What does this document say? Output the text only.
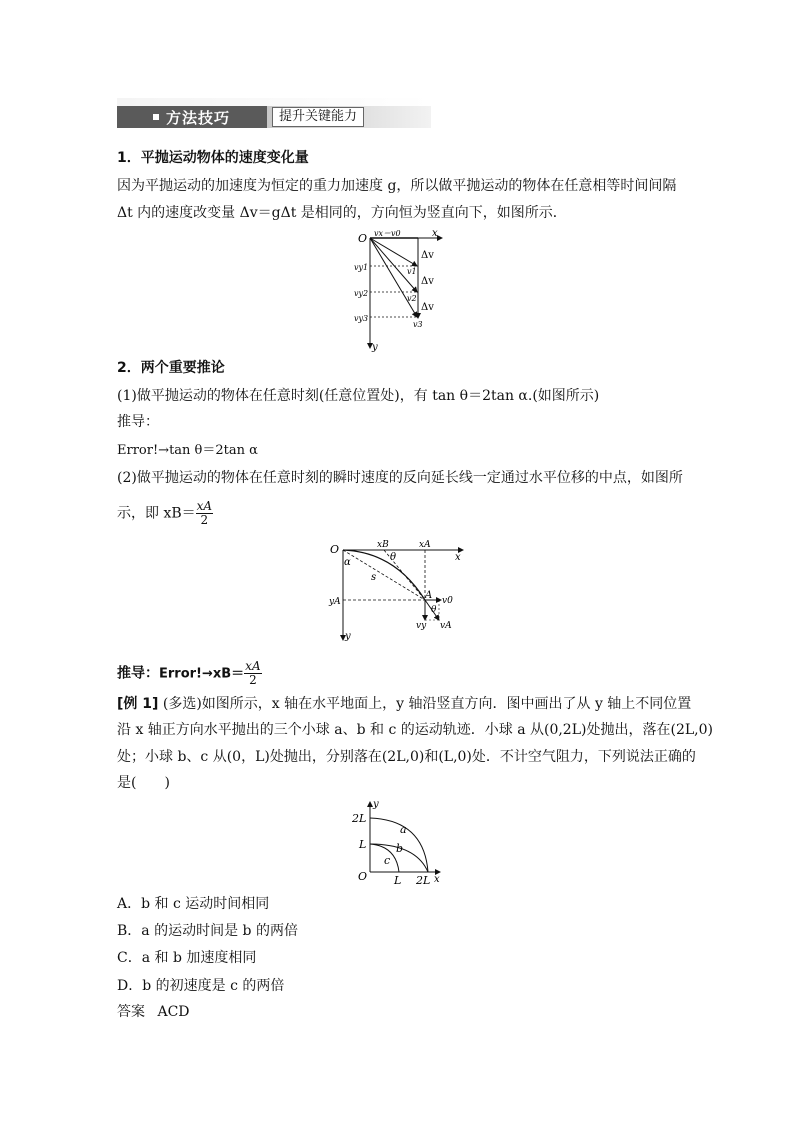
方法技巧	提升关键能力
1．平抛运动物体的速度变化量
因为平抛运动的加速度为恒定的重力加速度 g，所以做平抛运动的物体在任意相等时间间隔
Δt 内的速度改变量 Δv＝gΔt 是相同的，方向恒为竖直向下，如图所示．
O	x
y
vx＝v0
Δv
Δv
Δv
v1
v2
v3
vy1
vy2
vy3
2．两个重要推论
(1)做平抛运动的物体在任意时刻(任意位置处)，有 tan θ＝2tan α.(如图所示)
推导：
Error!→tan θ＝2tan α
(2)做平抛运动的物体在任意时刻的瞬时速度的反向延长线一定通过水平位移的中点，如图所
示，即 $xB= \frac{xA}{2}$
O
x
y
xB	xA
θ
α
s
yA
A v0
θ
vy vA
推导：Error!→xB＝ $\frac{xA}{2}$
[例 1] (多选)如图所示，x 轴在水平地面上，y 轴沿竖直方向．图中画出了从 y 轴上不同位置
沿 x 轴正方向水平抛出的三个小球 a、b 和 c 的运动轨迹．小球 a 从(0,2L)处抛出，落在(2L,0)
处；小球 b、c 从(0，L)处抛出，分别落在(2L,0)和(L,0)处．不计空气阻力，下列说法正确的
是(　　)
y
x
O
2L
L
L 2L
a
b
c
A．b 和 c 运动时间相同
B．a 的运动时间是 b 的两倍
C．a 和 b 加速度相同
D．b 的初速度是 c 的两倍
答案 ACD
